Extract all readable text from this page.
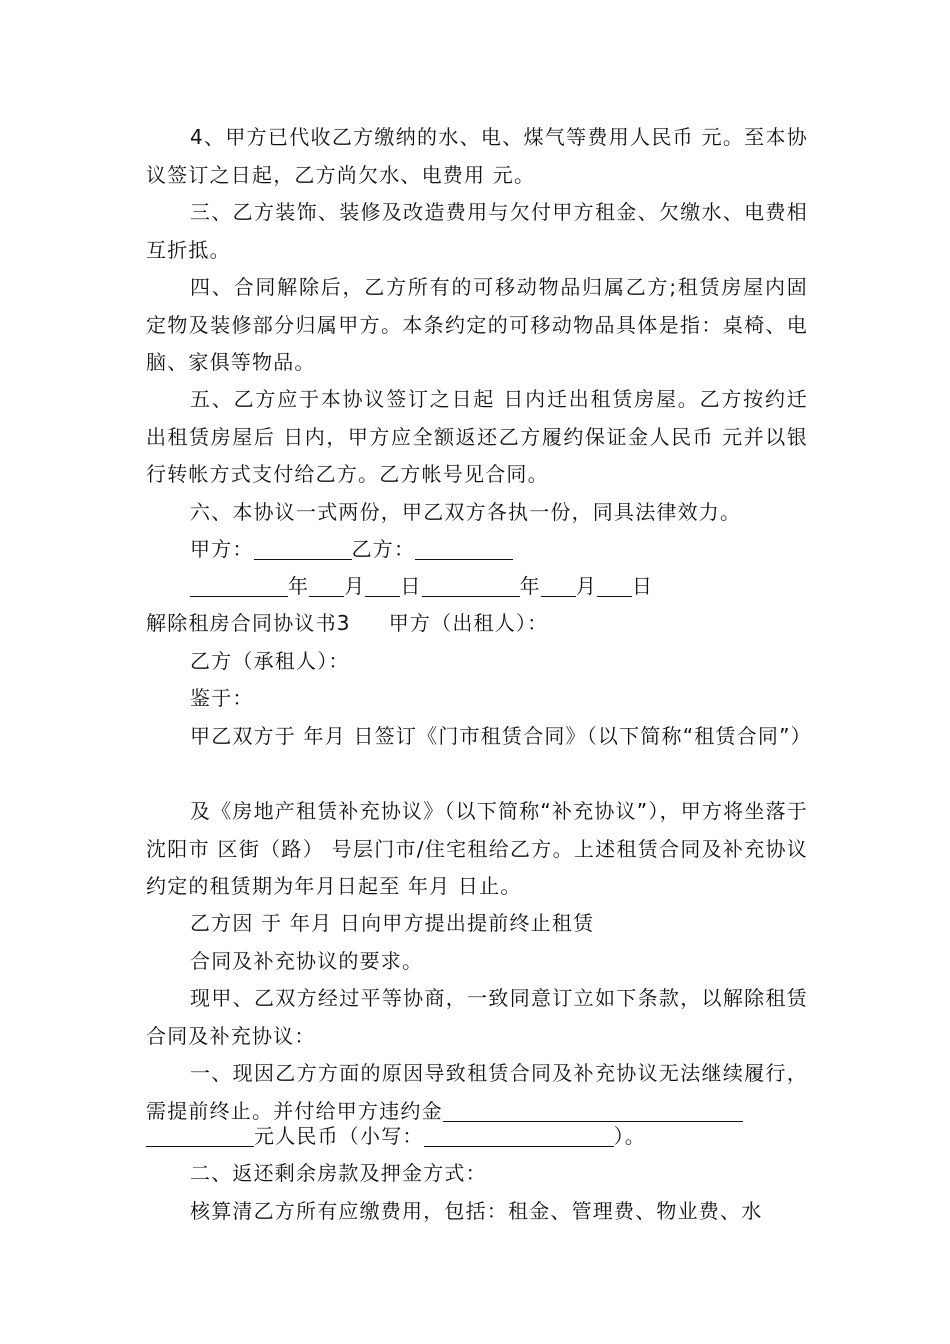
4、甲方已代收乙方缴纳的水、电、煤气等费用人民币 元。至本协议签订之日起，乙方尚欠水、电费用 元。

三、乙方装饰、装修及改造费用与欠付甲方租金、欠缴水、电费相互折抵。

四、合同解除后，乙方所有的可移动物品归属乙方;租赁房屋内固定物及装修部分归属甲方。本条约定的可移动物品具体是指：桌椅、电脑、家俱等物品。

五、乙方应于本协议签订之日起 日内迁出租赁房屋。乙方按约迁出租赁房屋后 日内，甲方应全额返还乙方履约保证金人民币 元并以银行转帐方式支付给乙方。乙方帐号见合同。

六、本协议一式两份，甲乙双方各执一份，同具法律效力。

甲方：	乙方：
年 月 日	年 月 日
解除租房合同协议书3 甲方（出租人）：
乙方（承租人）：
鉴于：

甲乙双方于 年月 日签订《门市租赁合同》（以下简称“租赁合同”）

及《房地产租赁补充协议》（以下简称“补充协议”），甲方将坐落于沈阳市 区街（路） 号层门市/住宅租给乙方。上述租赁合同及补充协议约定的租赁期为年月日起至 年月 日止。

乙方因 于 年月 日向甲方提出提前终止租赁
合同及补充协议的要求。

现甲、乙双方经过平等协商，一致同意订立如下条款，以解除租赁合同及补充协议：

一、现因乙方方面的原因导致租赁合同及补充协议无法继续履行，需提前终止。并付给甲方违约金

元人民币（小写：	）。
二、返还剩余房款及押金方式：
核算清乙方所有应缴费用，包括：租金、管理费、物业费、水
